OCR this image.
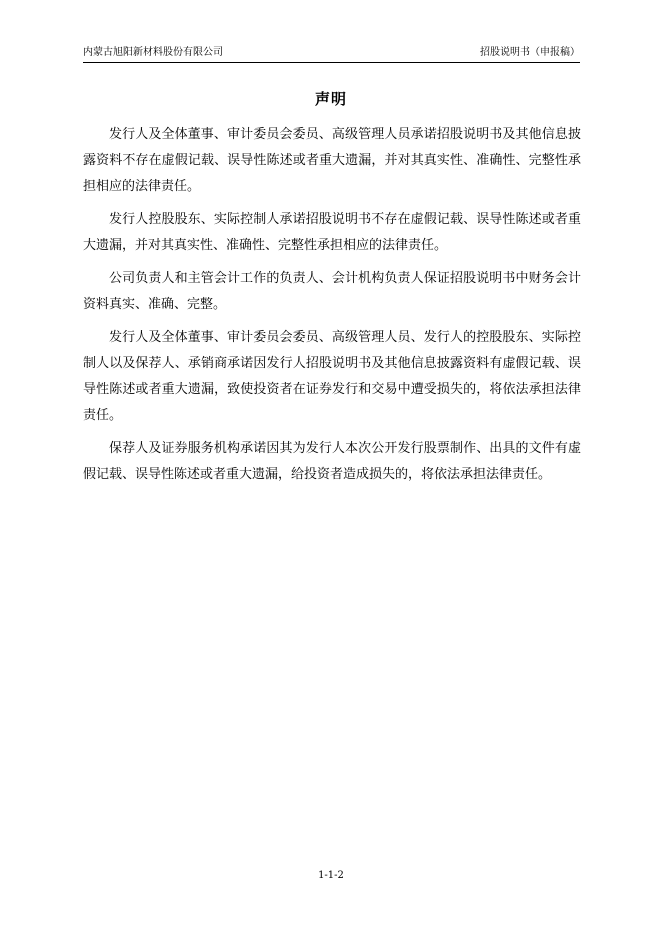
内蒙古旭阳新材料股份有限公司	招股说明书（申报稿）
声明

发行人及全体董事、审计委员会委员、高级管理人员承诺招股说明书及其他信息披露资料不存在虚假记载、误导性陈述或者重大遗漏，并对其真实性、准确性、完整性承担相应的法律责任。

发行人控股股东、实际控制人承诺招股说明书不存在虚假记载、误导性陈述或者重大遗漏，并对其真实性、准确性、完整性承担相应的法律责任。

公司负责人和主管会计工作的负责人、会计机构负责人保证招股说明书中财务会计资料真实、准确、完整。

发行人及全体董事、审计委员会委员、高级管理人员、发行人的控股股东、实际控制人以及保荐人、承销商承诺因发行人招股说明书及其他信息披露资料有虚假记载、误导性陈述或者重大遗漏，致使投资者在证券发行和交易中遭受损失的，将依法承担法律责任。

保荐人及证券服务机构承诺因其为发行人本次公开发行股票制作、出具的文件有虚假记载、误导性陈述或者重大遗漏，给投资者造成损失的，将依法承担法律责任。

1-1-2
